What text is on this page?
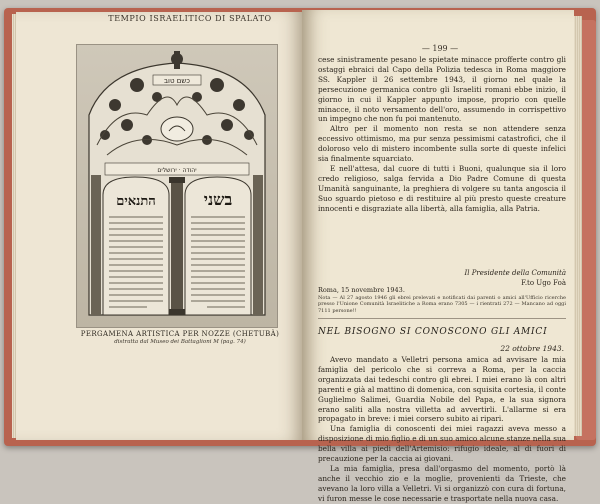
TEMPIO ISRAELITICO DI SPALATO
כשם טוב
יהודה · ירושלים
בשני
התנאים
PERGAMENA ARTISTICA PER NOZZE (CHETUBÀ)
distratta dal Museo dei Battaglioni M (pag. 74)
— 199 —

cese sinistramente pesano le spietate minacce profferte contro gli ostaggi ebraici dal Capo della Polizia tedesca in Roma maggiore SS. Kappler il 26 settembre 1943, il giorno nel quale la persecuzione germanica contro gli Israeliti romani ebbe inizio, il giorno in cui il Kappler appunto impose, proprio con quelle minacce, il noto versamento dell'oro, assumendo in corrispettivo un impegno che non fu poi mantenuto.

Altro per il momento non resta se non attendere senza eccessivo ottimismo, ma pur senza pessimismi catastrofici, che il doloroso velo di mistero incombente sulla sorte di queste infelici sia finalmente squarciato.

E nell'attesa, dal cuore di tutti i Buoni, qualunque sia il loro credo religioso, salga fervida a Dio Padre Comune di questa Umanità sanguinante, la preghiera di volgere su tanta angoscia il Suo sguardo pietoso e di restituire al più presto queste creature innocenti e disgraziate alla libertà, alla famiglia, alla Patria.

Il Presidente della Comunità
F.to Ugo Foà
Roma, 15 novembre 1943.
Nota — Al 27 agosto 1946 gli ebrei prelevati e notificati dai parenti o amici all'Ufficio ricerche presso l'Unione Comunità Israelitiche a Roma erano 7305 — i rientrati 272 — Mancano ad oggi 7111 persone!!
NEL BISOGNO SI CONOSCONO GLI AMICI
22 ottobre 1943.

Avevo mandato a Velletri persona amica ad avvisare la mia famiglia del pericolo che si correva a Roma, per la caccia organizzata dai tedeschi contro gli ebrei. I miei erano là con altri parenti e già al mattino di domenica, con squisita cortesia, il conte Guglielmo Salimei, Guardia Nobile del Papa, e la sua signora erano saliti alla nostra villetta ad avvertirli. L'allarme si era propagato in breve: i miei corsero subito ai ripari.

Una famiglia di conoscenti dei miei ragazzi aveva messo a disposizione di mio figlio e di un suo amico alcune stanze nella sua bella villa ai piedi dell'Artemisio: rifugio ideale, al di fuori di precauzione per la caccia ai giovani.

La mia famiglia, presa dall'orgasmo del momento, portò là anche il vecchio zio e la moglie, provenienti da Trieste, che avevano la loro villa a Velletri. Vi si organizzò con cura di fortuna, vi furon messe le cose necessarie e trasportate nella nuova casa.
